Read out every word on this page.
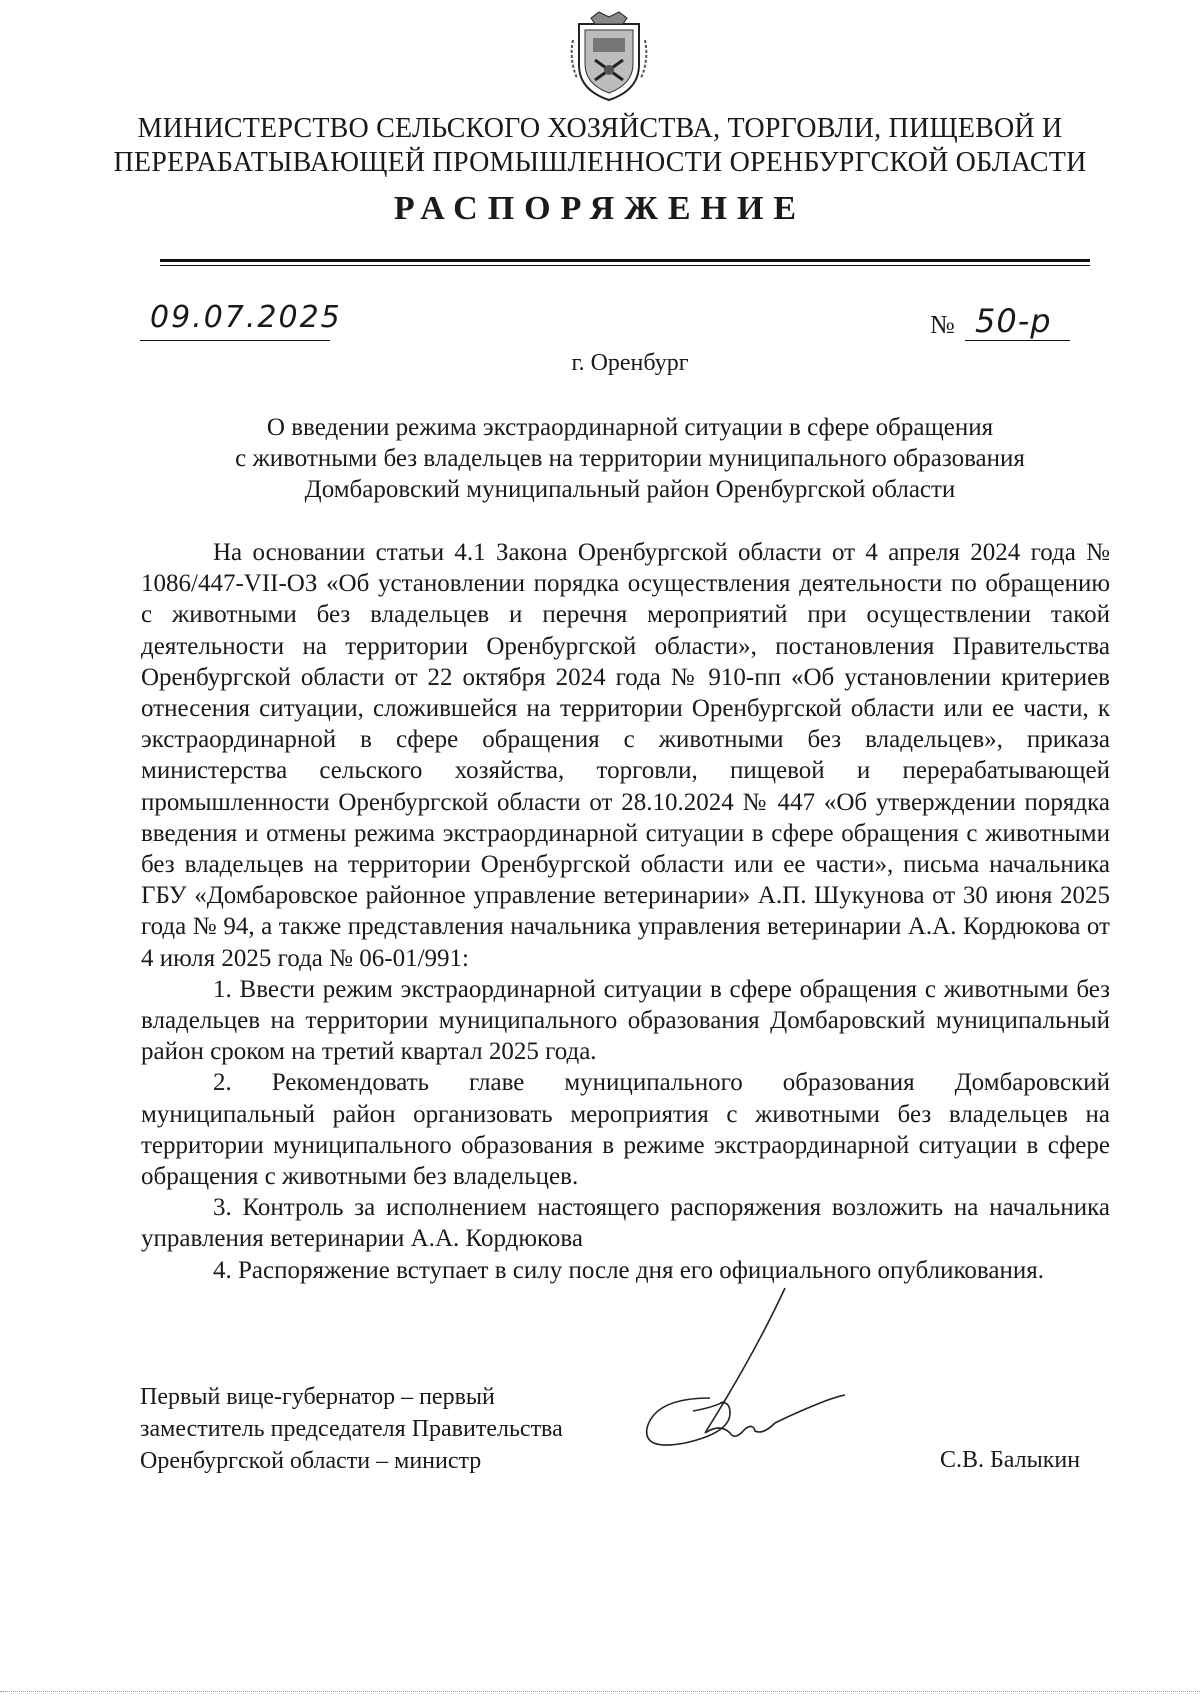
МИНИСТЕРСТВО СЕЛЬСКОГО ХОЗЯЙСТВА, ТОРГОВЛИ, ПИЩЕВОЙ И
ПЕРЕРАБАТЫВАЮЩЕЙ ПРОМЫШЛЕННОСТИ ОРЕНБУРГСКОЙ ОБЛАСТИ
РАСПОРЯЖЕНИЕ
09.07.2025	№ 50-р
г. Оренбург
О введении режима экстраординарной ситуации в сфере обращения
с животными без владельцев на территории муниципального образования
Домбаровский муниципальный район Оренбургской области

На основании статьи 4.1 Закона Оренбургской области от 4 апреля 2024 года № 1086/447-VII-ОЗ «Об установлении порядка осуществления деятельности по обращению с животными без владельцев и перечня мероприятий при осуществлении такой деятельности на территории Оренбургской области», постановления Правительства Оренбургской области от 22 октября 2024 года № 910-пп «Об установлении критериев отнесения ситуации, сложившейся на территории Оренбургской области или ее части, к экстраординарной в сфере обращения с животными без владельцев», приказа министерства сельского хозяйства, торговли, пищевой и перерабатывающей промышленности Оренбургской области от 28.10.2024 № 447 «Об утверждении порядка введения и отмены режима экстраординарной ситуации в сфере обращения с животными без владельцев на территории Оренбургской области или ее части», письма начальника ГБУ «Домбаровское районное управление ветеринарии» А.П. Шукунова от 30 июня 2025 года № 94, а также представления начальника управления ветеринарии А.А. Кордюкова от 4 июля 2025 года № 06-01/991:

1. Ввести режим экстраординарной ситуации в сфере обращения с животными без владельцев на территории муниципального образования Домбаровский муниципальный район сроком на третий квартал 2025 года.

2. Рекомендовать главе муниципального образования Домбаровский муниципальный район организовать мероприятия с животными без владельцев на территории муниципального образования в режиме экстраординарной ситуации в сфере обращения с животными без владельцев.

3. Контроль за исполнением настоящего распоряжения возложить на начальника управления ветеринарии А.А. Кордюкова

4. Распоряжение вступает в силу после дня его официального опубликования.

Первый вице-губернатор – первый
заместитель председателя Правительства
Оренбургской области – министр	С.В. Балыкин
